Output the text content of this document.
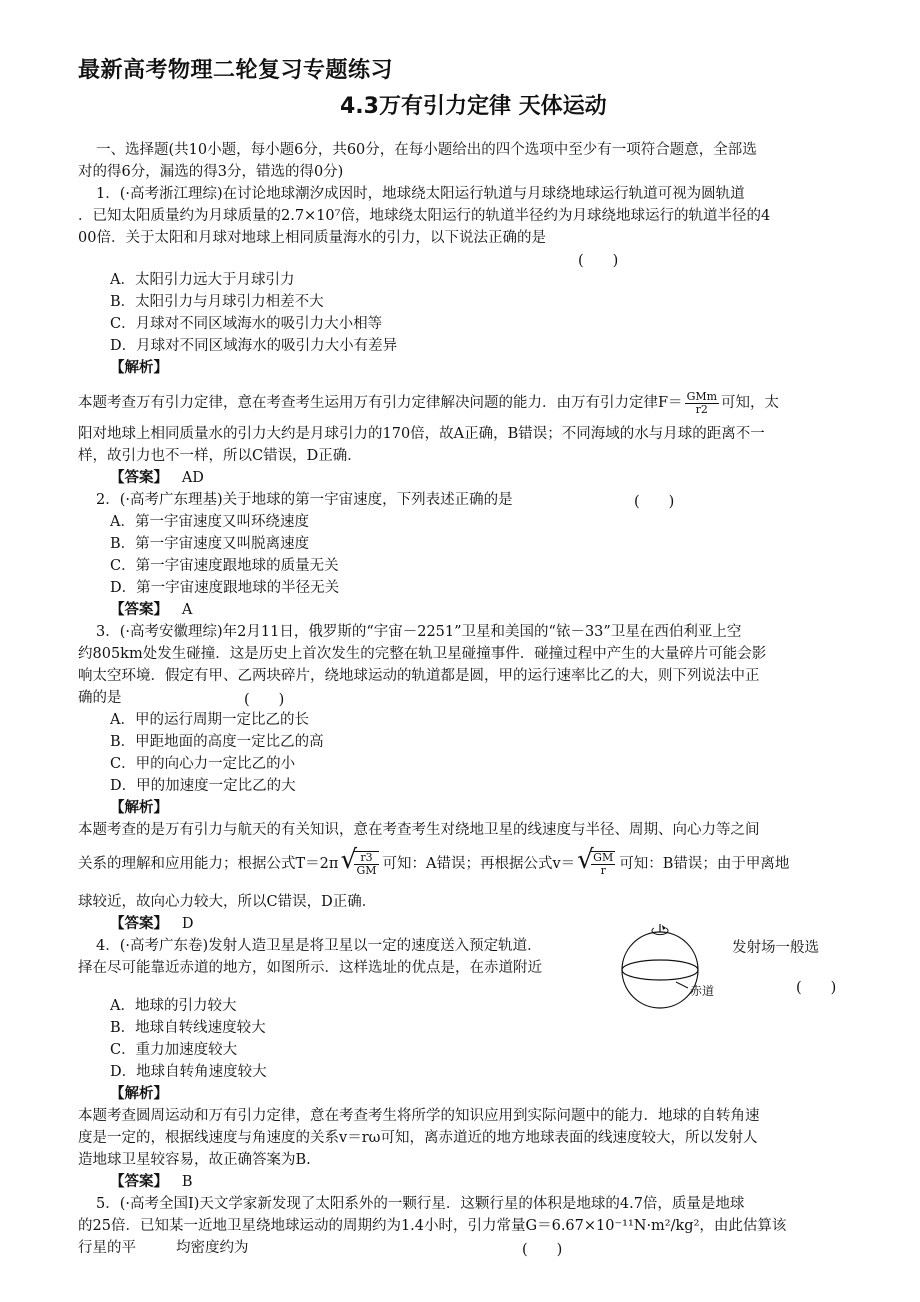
最新高考物理二轮复习专题练习
4.3万有引力定律 天体运动
一、选择题(共10小题，每小题6分，共60分，在每小题给出的四个选项中至少有一项符合题意，全部选
对的得6分，漏选的得3分，错选的得0分)
1．(·高考浙江理综)在讨论地球潮汐成因时，地球绕太阳运行轨道与月球绕地球运行轨道可视为圆轨道
．已知太阳质量约为月球质量的2.7×10⁷倍，地球绕太阳运行的轨道半径约为月球绕地球运行的轨道半径的4
00倍．关于太阳和月球对地球上相同质量海水的引力，以下说法正确的是
(　　)
A．太阳引力远大于月球引力
B．太阳引力与月球引力相差不大
C．月球对不同区域海水的吸引力大小相等
D．月球对不同区域海水的吸引力大小有差异
【解析】
本题考查万有引力定律，意在考查考生运用万有引力定律解决问题的能力．由万有引力定律$F= \frac{\text{GMm}}{r2}$ 可知，太
阳对地球上相同质量水的引力大约是月球引力的170倍，故A正确，B错误；不同海域的水与月球的距离不一
样，故引力也不一样，所以C错误，D正确．
【答案】 AD
2．(·高考广东理基)关于地球的第一宇宙速度，下列表述正确的是	(　　)
A．第一宇宙速度又叫环绕速度
B．第一宇宙速度又叫脱离速度
C．第一宇宙速度跟地球的质量无关
D．第一宇宙速度跟地球的半径无关
【答案】 A
3．(·高考安徽理综)年2月11日，俄罗斯的“宇宙－2251”卫星和美国的“铱－33”卫星在西伯利亚上空
约805km处发生碰撞．这是历史上首次发生的完整在轨卫星碰撞事件．碰撞过程中产生的大量碎片可能会影
响太空环境．假定有甲、乙两块碎片，绕地球运动的轨道都是圆，甲的运行速率比乙的大，则下列说法中正
确的是	(　　)
A．甲的运行周期一定比乙的长
B．甲距地面的高度一定比乙的高
C．甲的向心力一定比乙的小
D．甲的加速度一定比乙的大
【解析】
本题考查的是万有引力与航天的有关知识，意在考查考生对绕地卫星的线速度与半径、周期、向心力等之间
关系的理解和应用能力；根据公式T＝2π √
$\frac{r3}{GM}$ 可知：A错误；再根据公式v＝ √
$\frac{GM}{r}$ 可知：B错误；由于甲离地
球较近，故向心力较大，所以C错误，D正确．
【答案】 D
4．(·高考广东卷)发射人造卫星是将卫星以一定的速度送入预定轨道．	发射场一般选
择在尽可能靠近赤道的地方，如图所示．这样选址的优点是，在赤道附近
(　　)
赤道
A．地球的引力较大
B．地球自转线速度较大
C．重力加速度较大
D．地球自转角速度较大
【解析】
本题考查圆周运动和万有引力定律，意在考查考生将所学的知识应用到实际问题中的能力．地球的自转角速
度是一定的，根据线速度与角速度的关系v＝rω可知，离赤道近的地方地球表面的线速度较大，所以发射人
造地球卫星较容易，故正确答案为B.
【答案】 B
5．(·高考全国Ⅰ)天文学家新发现了太阳系外的一颗行星．这颗行星的体积是地球的4.7倍，质量是地球
的25倍．已知某一近地卫星绕地球运动的周期约为1.4小时，引力常量G＝6.67×10⁻¹¹N·m²/kg²，由此估算该
行星的平	均密度约为	(　　)
